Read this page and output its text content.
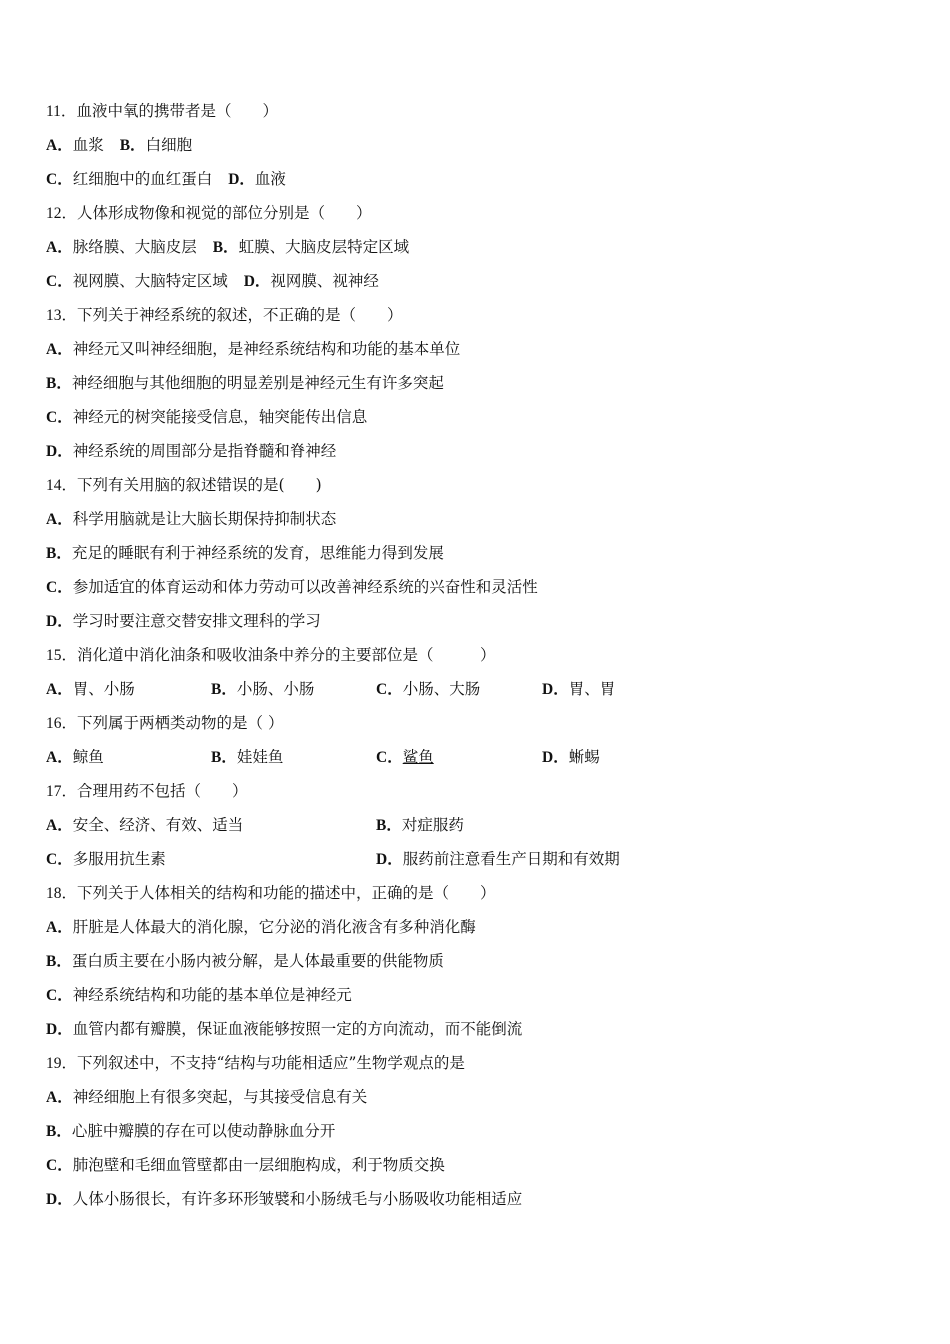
11．血液中氧的携带者是（　　）
A．血浆 B．白细胞
C．红细胞中的血红蛋白 D．血液
12．人体形成物像和视觉的部位分别是（　　）
A．脉络膜、大脑皮层 B．虹膜、大脑皮层特定区域
C．视网膜、大脑特定区域 D．视网膜、视神经
13．下列关于神经系统的叙述，不正确的是（　　）
A．神经元又叫神经细胞，是神经系统结构和功能的基本单位
B．神经细胞与其他细胞的明显差别是神经元生有许多突起
C．神经元的树突能接受信息，轴突能传出信息
D．神经系统的周围部分是指脊髓和脊神经
14．下列有关用脑的叙述错误的是(　　)
A．科学用脑就是让大脑长期保持抑制状态
B．充足的睡眠有利于神经系统的发育，思维能力得到发展
C．参加适宜的体育运动和体力劳动可以改善神经系统的兴奋性和灵活性
D．学习时要注意交替安排文理科的学习
15．消化道中消化油条和吸收油条中养分的主要部位是（　　　）
A．胃、小肠	B．小肠、小肠	C．小肠、大肠	D．胃、胃
16．下列属于两栖类动物的是（ ）
A．鲸鱼	B．娃娃鱼	C．鲨鱼	D．蜥蜴
17．合理用药不包括（　　）
A．安全、经济、有效、适当	B．对症服药
C．多服用抗生素	D．服药前注意看生产日期和有效期
18．下列关于人体相关的结构和功能的描述中，正确的是（　　）
A．肝脏是人体最大的消化腺，它分泌的消化液含有多种消化酶
B．蛋白质主要在小肠内被分解，是人体最重要的供能物质
C．神经系统结构和功能的基本单位是神经元
D．血管内都有瓣膜，保证血液能够按照一定的方向流动，而不能倒流
19．下列叙述中，不支持“结构与功能相适应”生物学观点的是
A．神经细胞上有很多突起，与其接受信息有关
B．心脏中瓣膜的存在可以使动静脉血分开
C．肺泡壁和毛细血管壁都由一层细胞构成，利于物质交换
D．人体小肠很长，有许多环形皱襞和小肠绒毛与小肠吸收功能相适应
